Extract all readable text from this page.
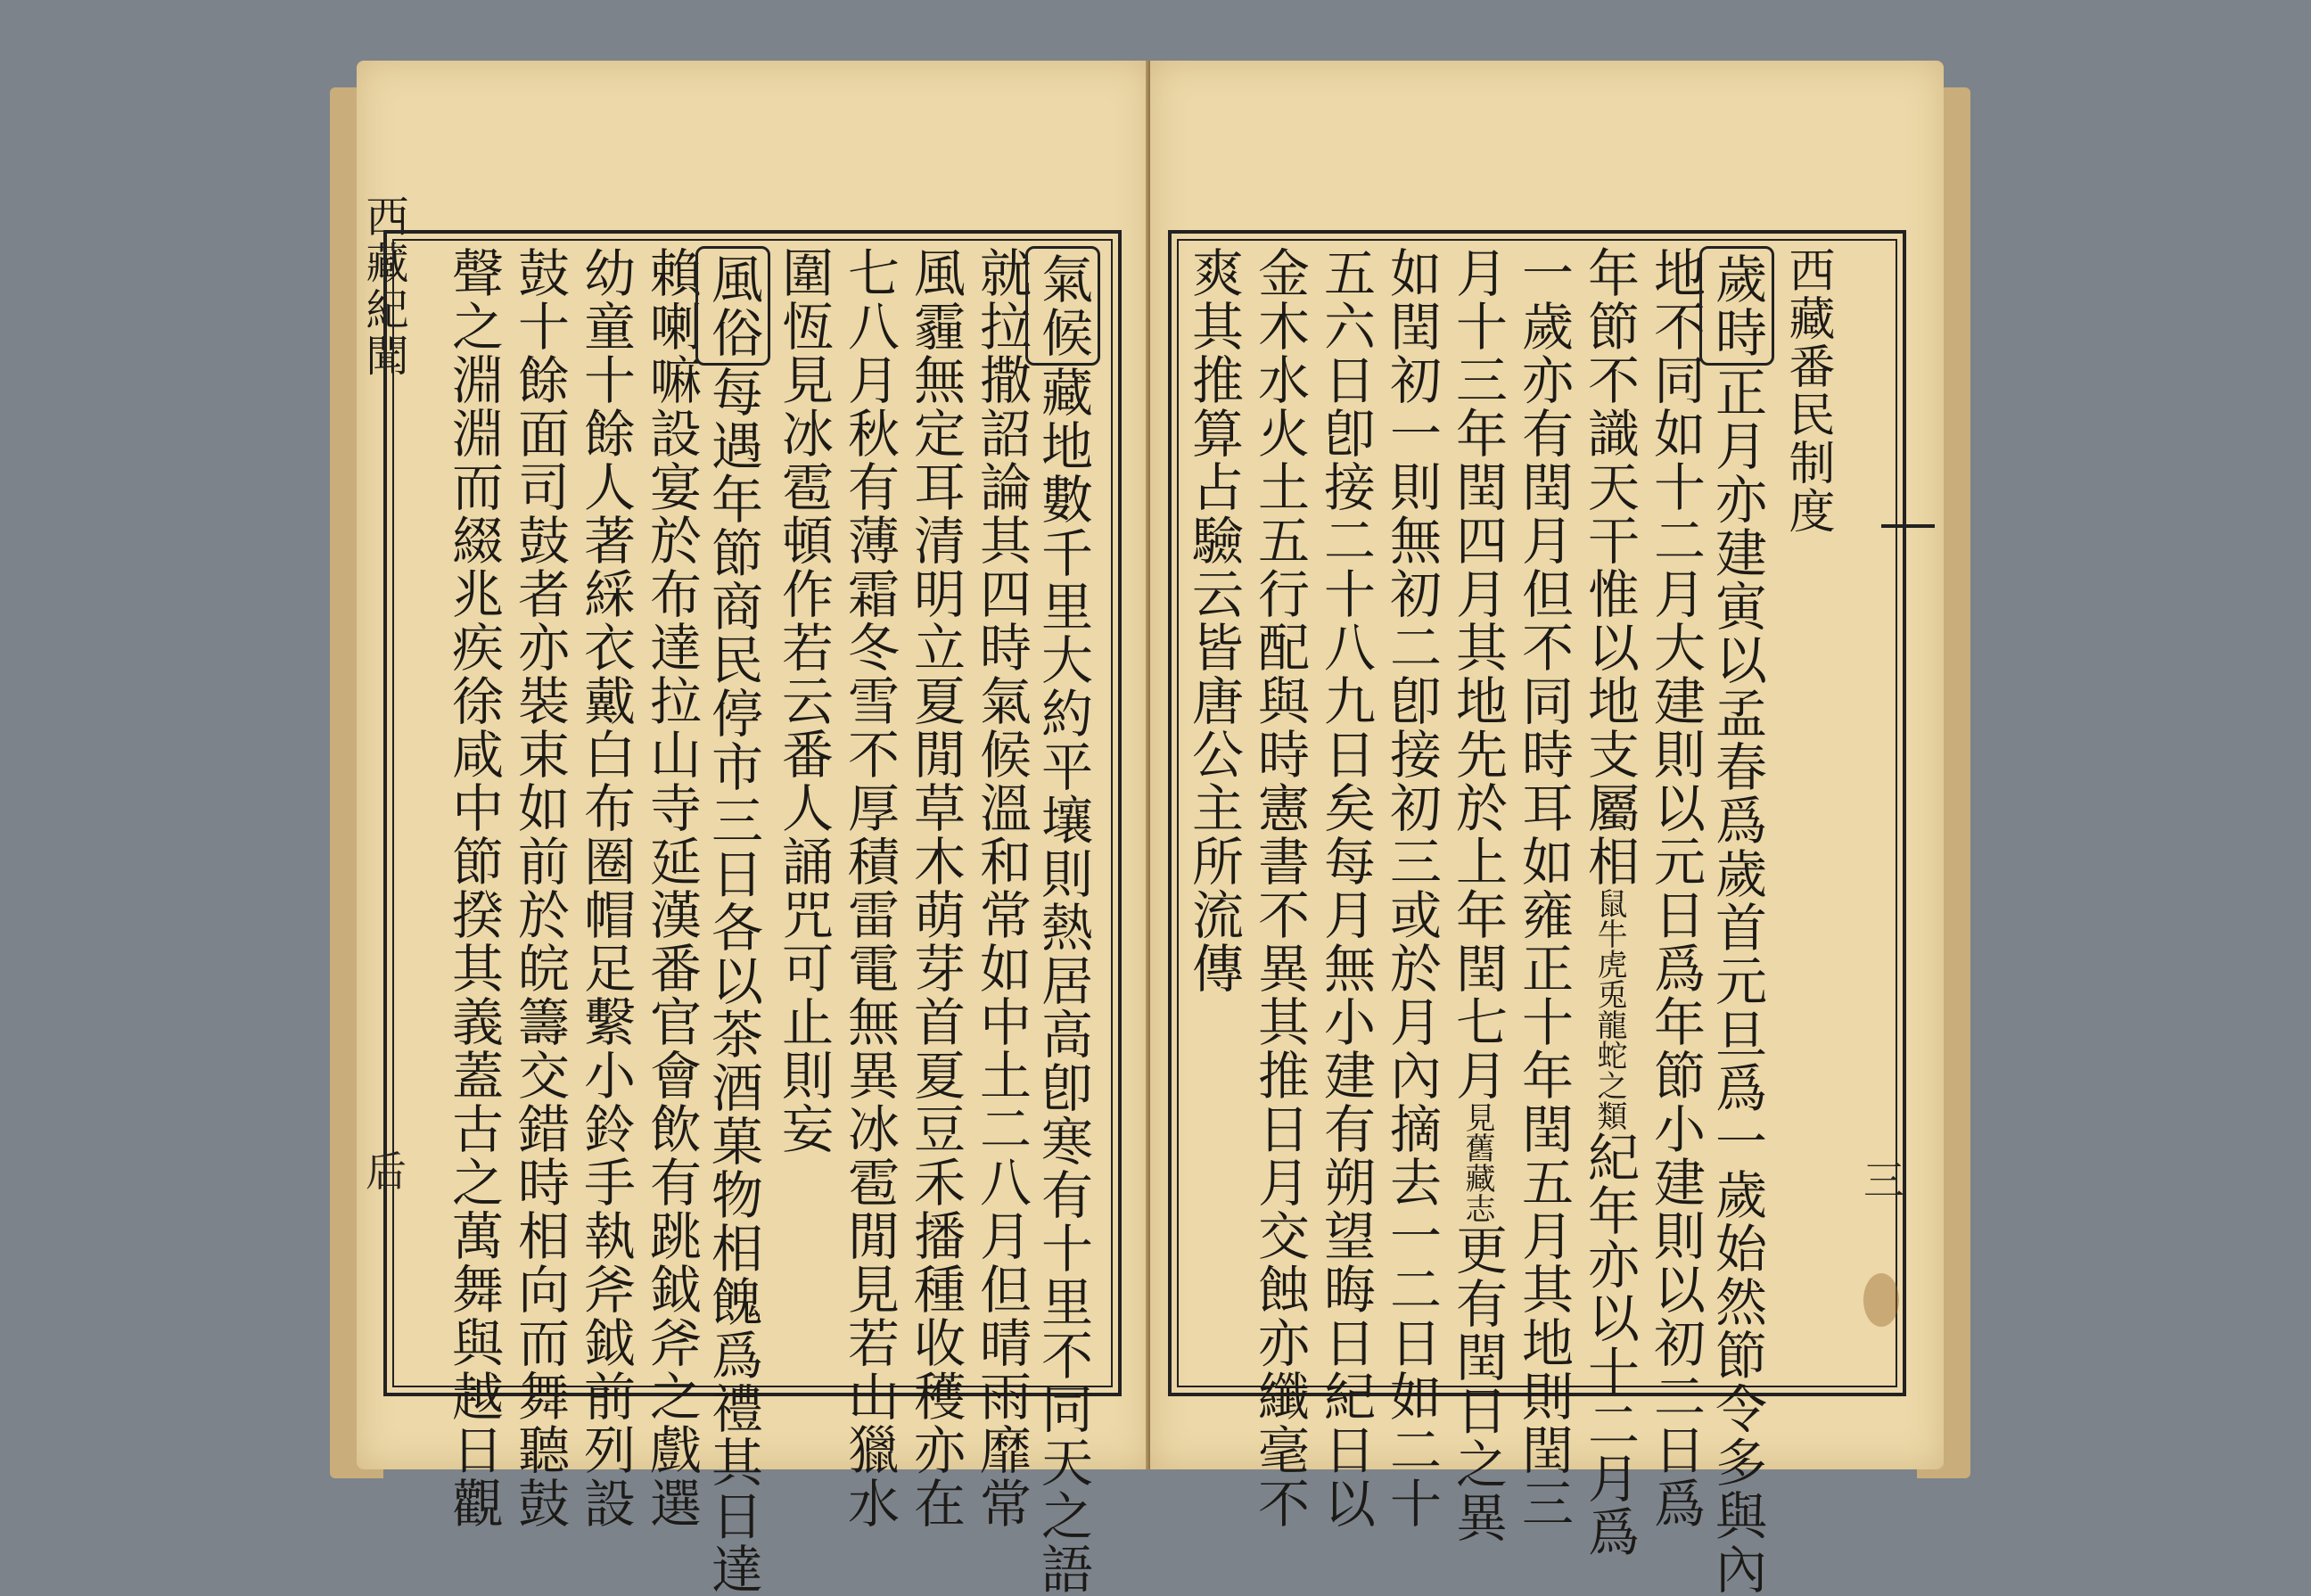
西藏紀聞
后
氣候藏地數千里大約平壤則熱居高卽寒有十里不同天之語
就拉撒詔論其四時氣候溫和常如中土二八月但晴雨靡常
風霾無定耳清明立夏閒草木萌芽首夏豆禾播種收穫亦在
七八月秋有薄霜冬雪不厚積雷電無異冰雹閒見若山獵水
圍恆見冰雹頓作若云番人誦咒可止則妄
風俗每遇年節商民停市三日各以茶酒菓物相餽爲禮其日達
賴喇嘛設宴於布達拉山寺延漢番官會飲有跳鉞斧之戲選
幼童十餘人著綵衣戴白布圈帽足繫小鈴手執斧鉞前列設
鼓十餘面司鼓者亦裝束如前於皖籌交錯時相向而舞聽鼓
聲之淵淵而綴兆疾徐咸中節揆其義蓋古之萬舞與越日觀	西藏番民制度
歲時正月亦建寅以孟春爲歲首元旦爲一歲始然節令多與內
地不同如十二月大建則以元日爲年節小建則以初二日爲
年節不識天干惟以地支屬相鼠牛虎兎龍蛇之類紀年亦以十二月爲
一歲亦有閏月但不同時耳如雍正十年閏五月其地則閏三
月十三年閏四月其地先於上年閏七月見舊藏志更有閏日之異
如閏初一則無初二卽接初三或於月內摘去一二日如二十
五六日卽接二十八九日矣每月無小建有朔望晦日紀日以
金木水火土五行配與時憲書不異其推日月交蝕亦纖毫不
爽其推算占驗云皆唐公主所流傳
三
